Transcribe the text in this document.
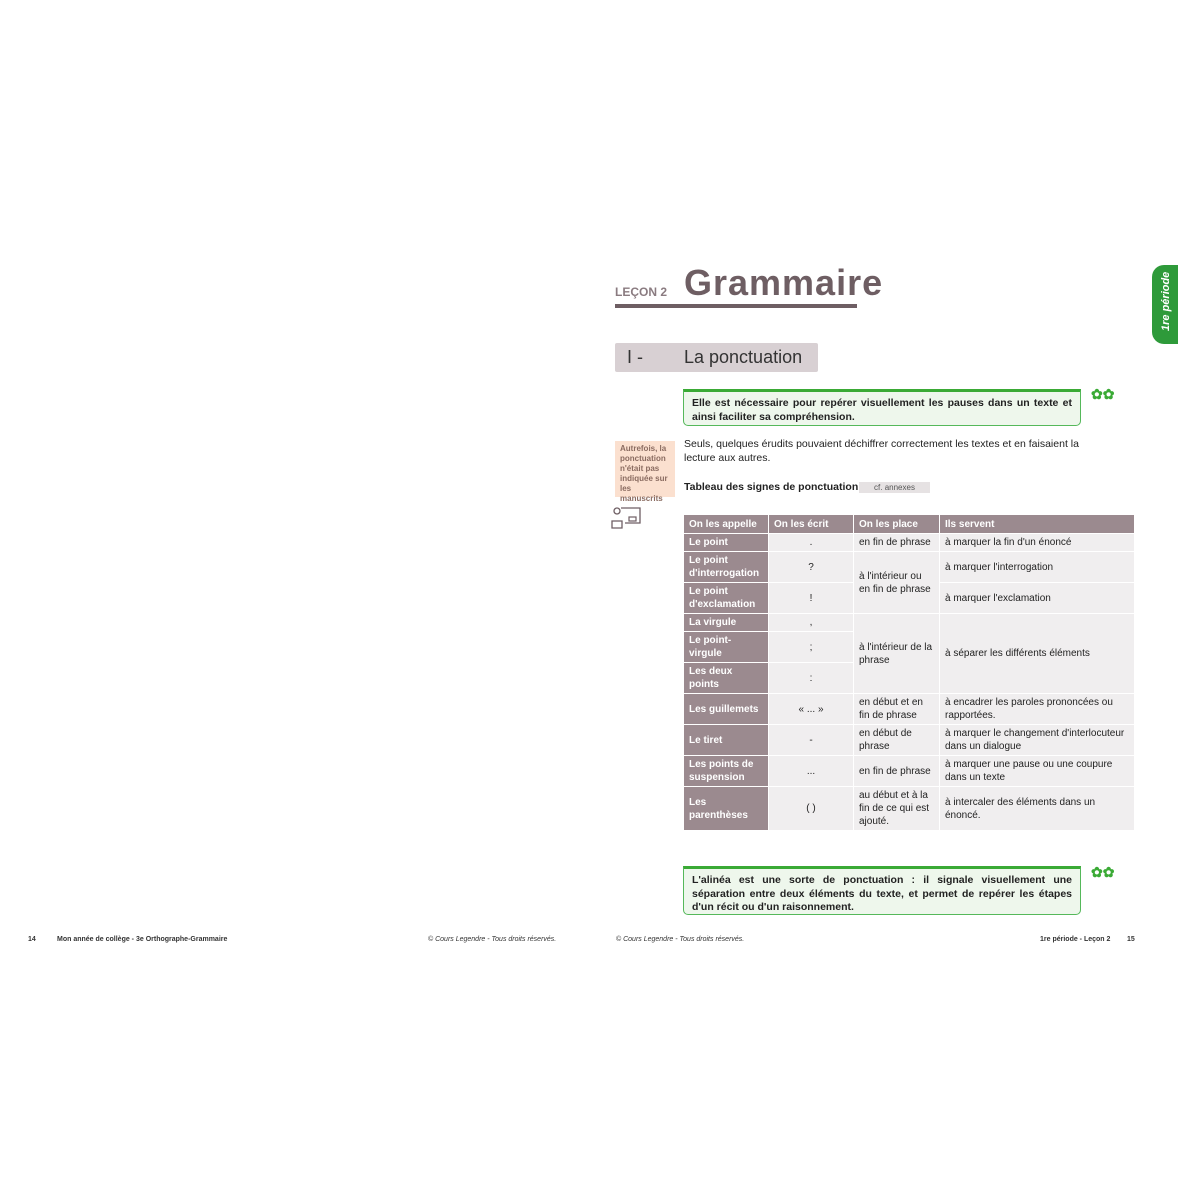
LEÇON 2 Grammaire
I - La ponctuation
1re période
Elle est nécessaire pour repérer visuellement les pauses dans un texte et ainsi faciliter sa compréhension.
✿✿
Autrefois, la ponctuation n'était pas indiquée sur les manuscrits
Seuls, quelques érudits pouvaient déchiffrer correctement les textes et en faisaient la lecture aux autres.
Tableau des signes de ponctuation	cf. annexes
On les appelle	On les écrit	On les place	Ils servent
Le point	.	en fin de phrase	à marquer la fin d'un énoncé
Le point d'interrogation	?	à l'intérieur ou en fin de phrase	à marquer l'interrogation
Le point d'exclamation	!		à marquer l'exclamation
La virgule	,	à l'intérieur de la phrase	à séparer les différents éléments
Le point-virgule	;		
Les deux points	:		
Les guillemets	« ... »	en début et en fin de phrase	à encadrer les paroles prononcées ou rapportées.
Le tiret	-	en début de phrase	à marquer le changement d'interlocuteur dans un dialogue
Les points de suspension	...	en fin de phrase	à marquer une pause ou une coupure dans un texte
Les parenthèses	( )	au début et à la fin de ce qui est ajouté.	à intercaler des éléments dans un énoncé.
L'alinéa est une sorte de ponctuation : il signale visuellement une séparation entre deux éléments du texte, et permet de repérer les étapes d'un récit ou d'un raisonnement.
✿✿
14	Mon année de collège - 3e Orthographe-Grammaire	© Cours Legendre - Tous droits réservés.	© Cours Legendre - Tous droits réservés.	1re période - Leçon 2 15
